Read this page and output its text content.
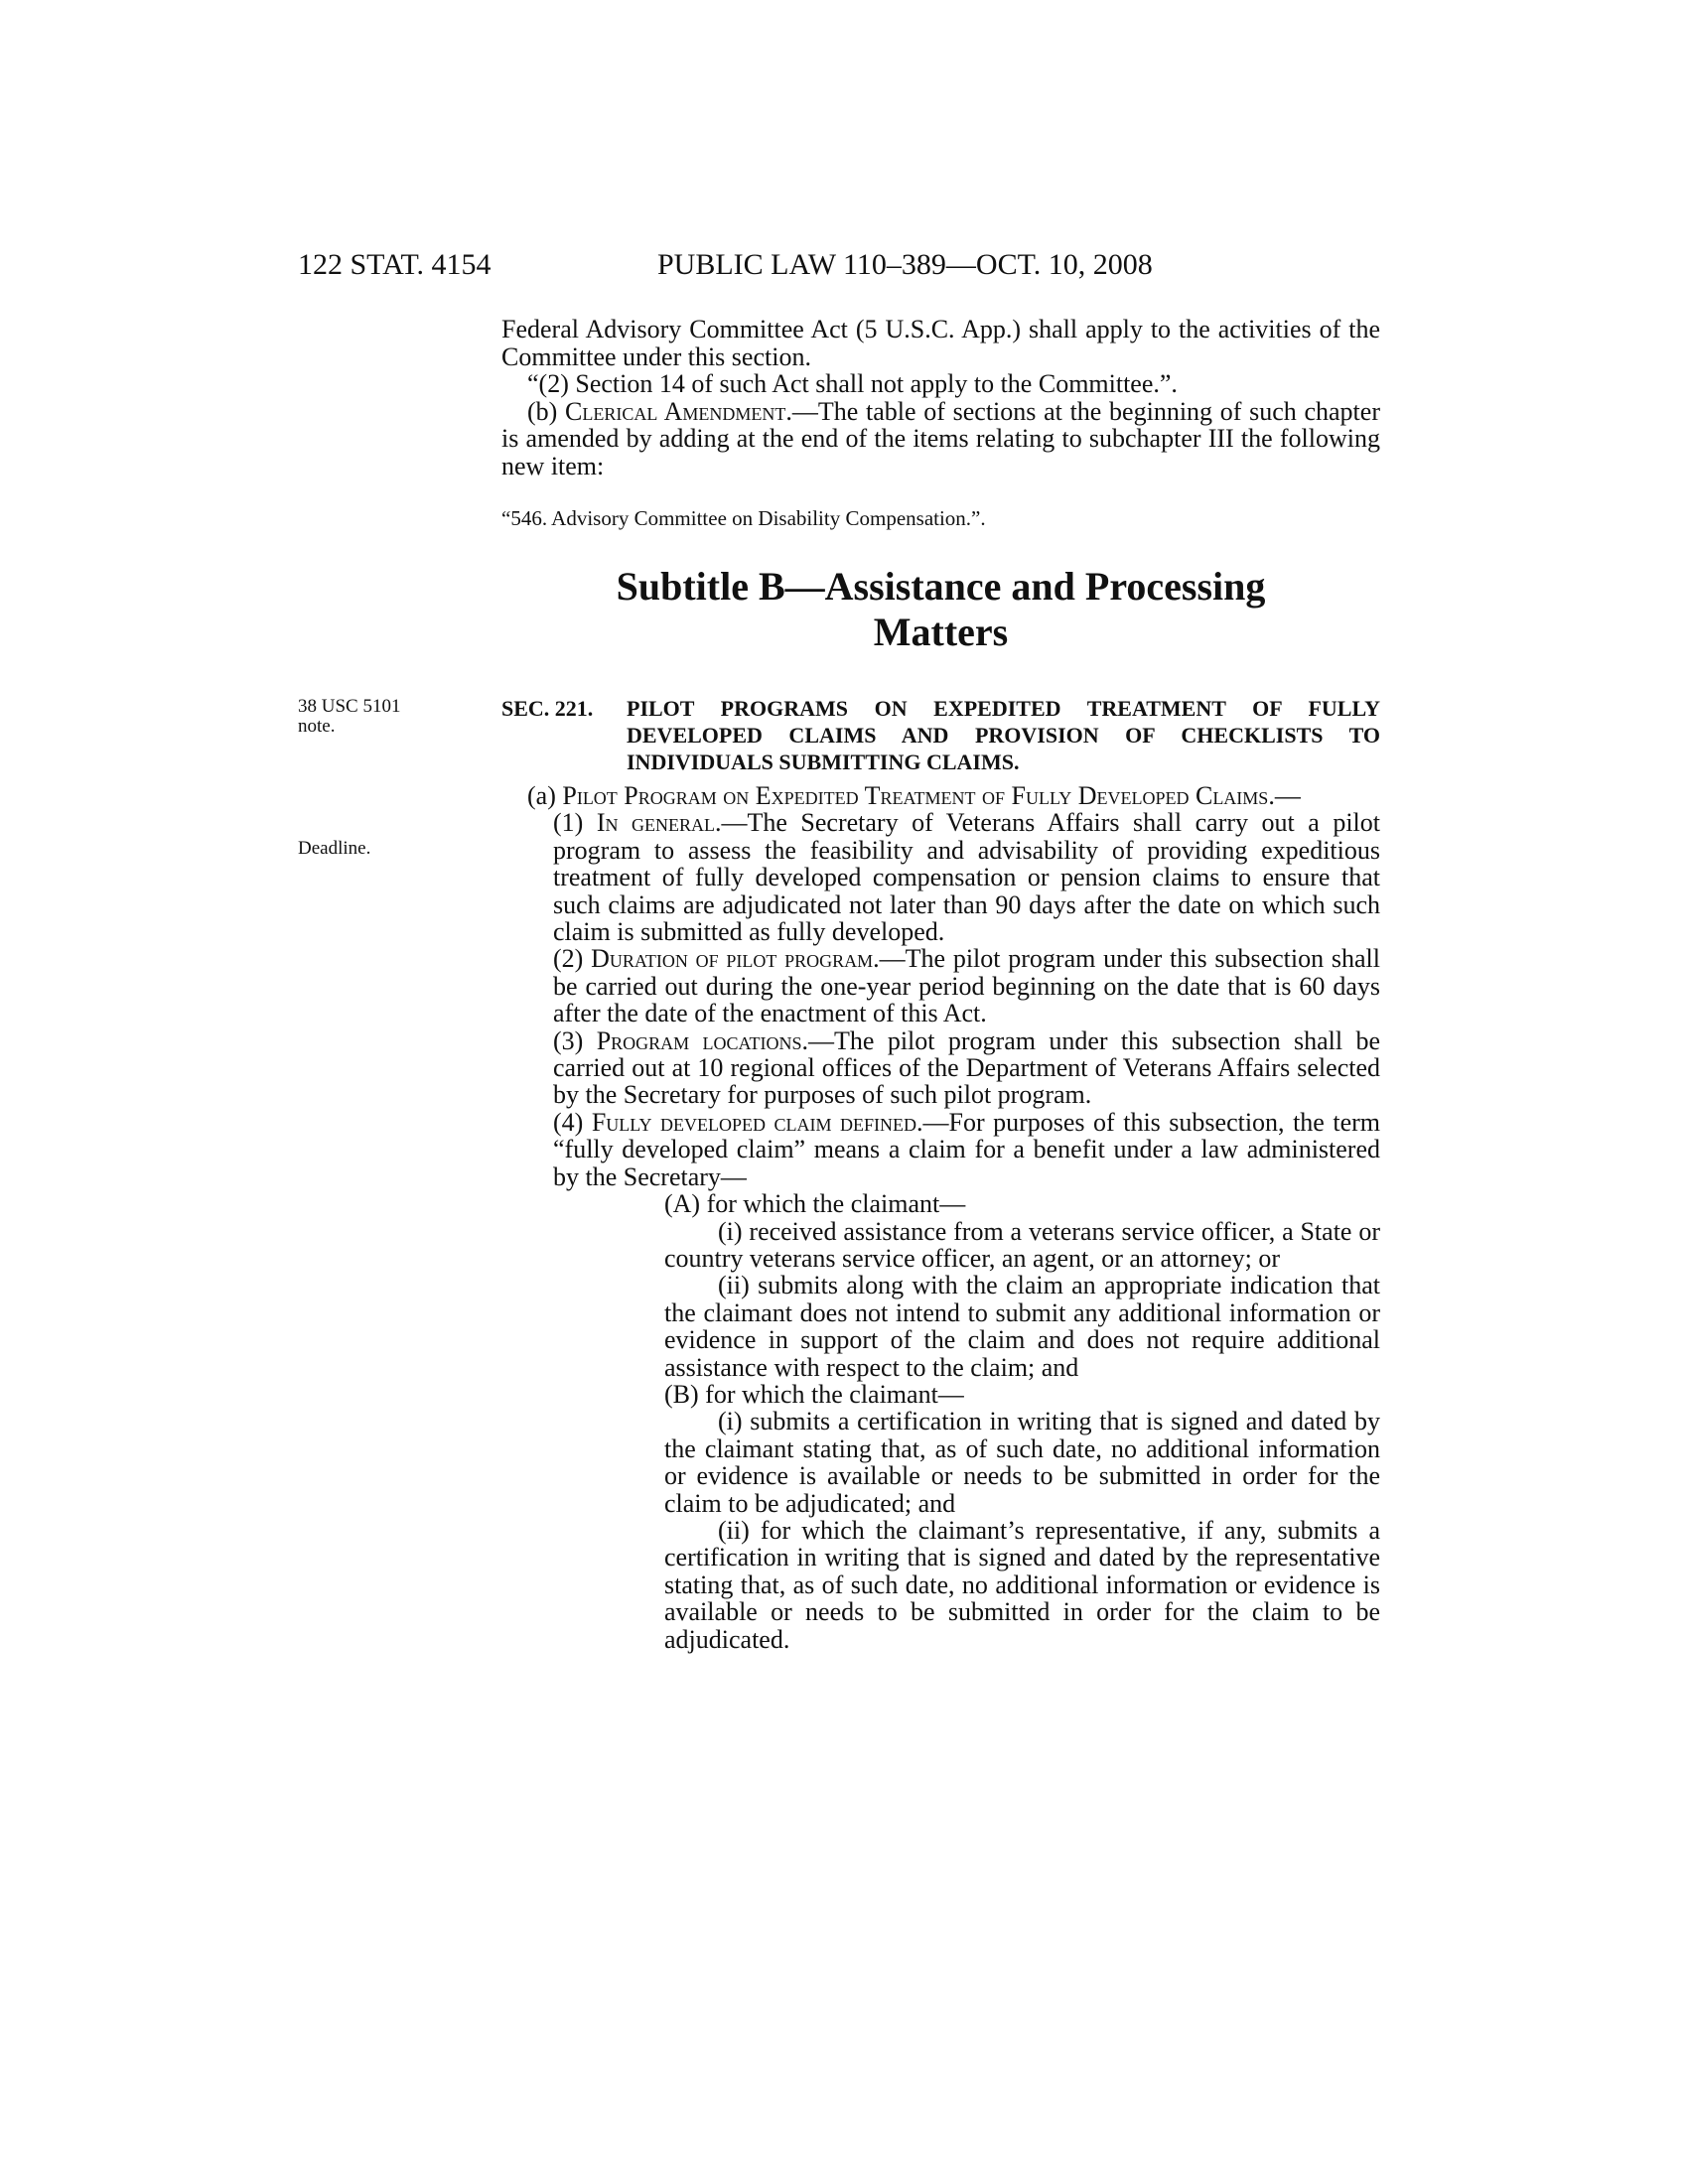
122 STAT. 4154	PUBLIC LAW 110–389—OCT. 10, 2008

Federal Advisory Committee Act (5 U.S.C. App.) shall apply to the activities of the Committee under this section.

“(2) Section 14 of such Act shall not apply to the Committee.”.

(b) Clerical Amendment.—The table of sections at the beginning of such chapter is amended by adding at the end of the items relating to subchapter III the following new item:

“546. Advisory Committee on Disability Compensation.”.
Subtitle B—Assistance and Processing
Matters
38 USC 5101
note.
Deadline.
SEC. 221. PILOT PROGRAMS ON EXPEDITED TREATMENT OF FULLY DEVELOPED CLAIMS AND PROVISION OF CHECKLISTS TO INDIVIDUALS SUBMITTING CLAIMS.

(a) Pilot Program on Expedited Treatment of Fully Developed Claims.—

(1) In general.—The Secretary of Veterans Affairs shall carry out a pilot program to assess the feasibility and advisability of providing expeditious treatment of fully developed compensation or pension claims to ensure that such claims are adjudicated not later than 90 days after the date on which such claim is submitted as fully developed.

(2) Duration of pilot program.—The pilot program under this subsection shall be carried out during the one-year period beginning on the date that is 60 days after the date of the enactment of this Act.

(3) Program locations.—The pilot program under this subsection shall be carried out at 10 regional offices of the Department of Veterans Affairs selected by the Secretary for purposes of such pilot program.

(4) Fully developed claim defined.—For purposes of this subsection, the term “fully developed claim” means a claim for a benefit under a law administered by the Secretary—

(A) for which the claimant—

(i) received assistance from a veterans service officer, a State or country veterans service officer, an agent, or an attorney; or

(ii) submits along with the claim an appropriate indication that the claimant does not intend to submit any additional information or evidence in support of the claim and does not require additional assistance with respect to the claim; and

(B) for which the claimant—

(i) submits a certification in writing that is signed and dated by the claimant stating that, as of such date, no additional information or evidence is available or needs to be submitted in order for the claim to be adjudicated; and

(ii) for which the claimant’s representative, if any, submits a certification in writing that is signed and dated by the representative stating that, as of such date, no additional information or evidence is available or needs to be submitted in order for the claim to be adjudicated.
